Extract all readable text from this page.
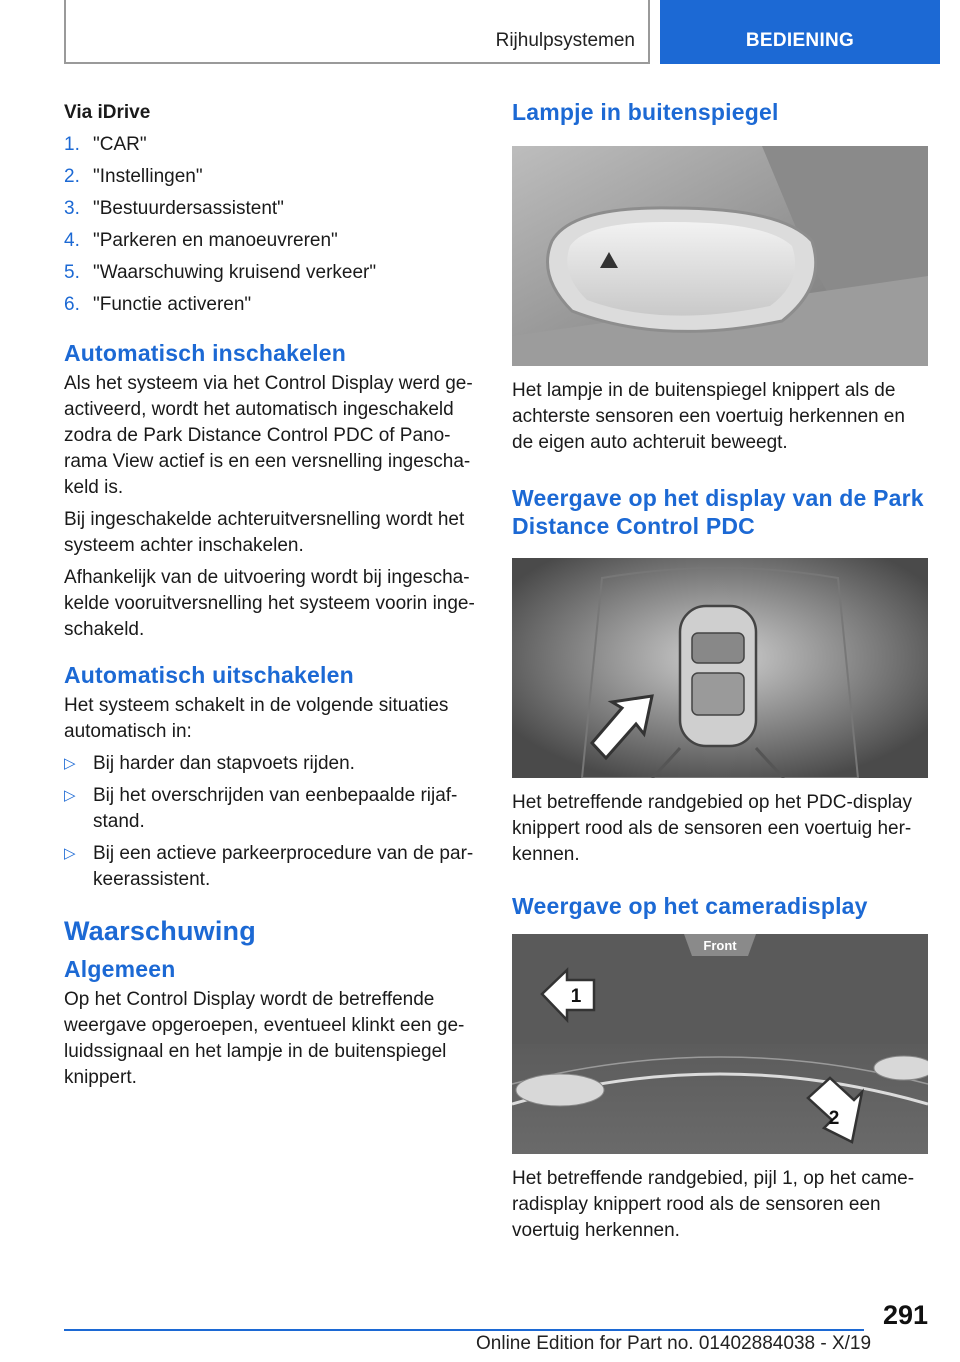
Rijhulpsystemen	BEDIENING
Via iDrive
1. "CAR"
2. "Instellingen"
3. "Bestuurdersassistent"
4. "Parkeren en manoeuvreren"
5. "Waarschuwing kruisend verkeer"
6. "Functie activeren"
Automatisch inschakelen

Als het systeem via het Control Display werd ge‐activeerd, wordt het automatisch ingeschakeld zodra de Park Distance Control PDC of Pano‐rama View actief is en een versnelling ingescha‐keld is.

Bij ingeschakelde achteruitversnelling wordt het systeem achter inschakelen.

Afhankelijk van de uitvoering wordt bij ingescha‐kelde vooruitversnelling het systeem voorin inge‐schakeld.

Automatisch uitschakelen

Het systeem schakelt in de volgende situaties automatisch in:

▷ Bij harder dan stapvoets rijden.
▷ Bij het overschrijden van eenbepaalde rijaf‐stand.
▷ Bij een actieve parkeerprocedure van de par‐keerassistent.
Waarschuwing
Algemeen

Op het Control Display wordt de betreffende weergave opgeroepen, eventueel klinkt een ge‐luidssignaal en het lampje in de buitenspiegel knippert.

Lampje in buitenspiegel

Het lampje in de buitenspiegel knippert als de achterste sensoren een voertuig herkennen en de eigen auto achteruit beweegt.

Weergave op het display van de Park Distance Control PDC

Het betreffende randgebied op het PDC-display knippert rood als de sensoren een voertuig her‐kennen.

Weergave op het cameradisplay
Front
1
2

Het betreffende randgebied, pijl 1, op het came‐radisplay knippert rood als de sensoren een voertuig herkennen.

291
Online Edition for Part no. 01402884038 - X/19
